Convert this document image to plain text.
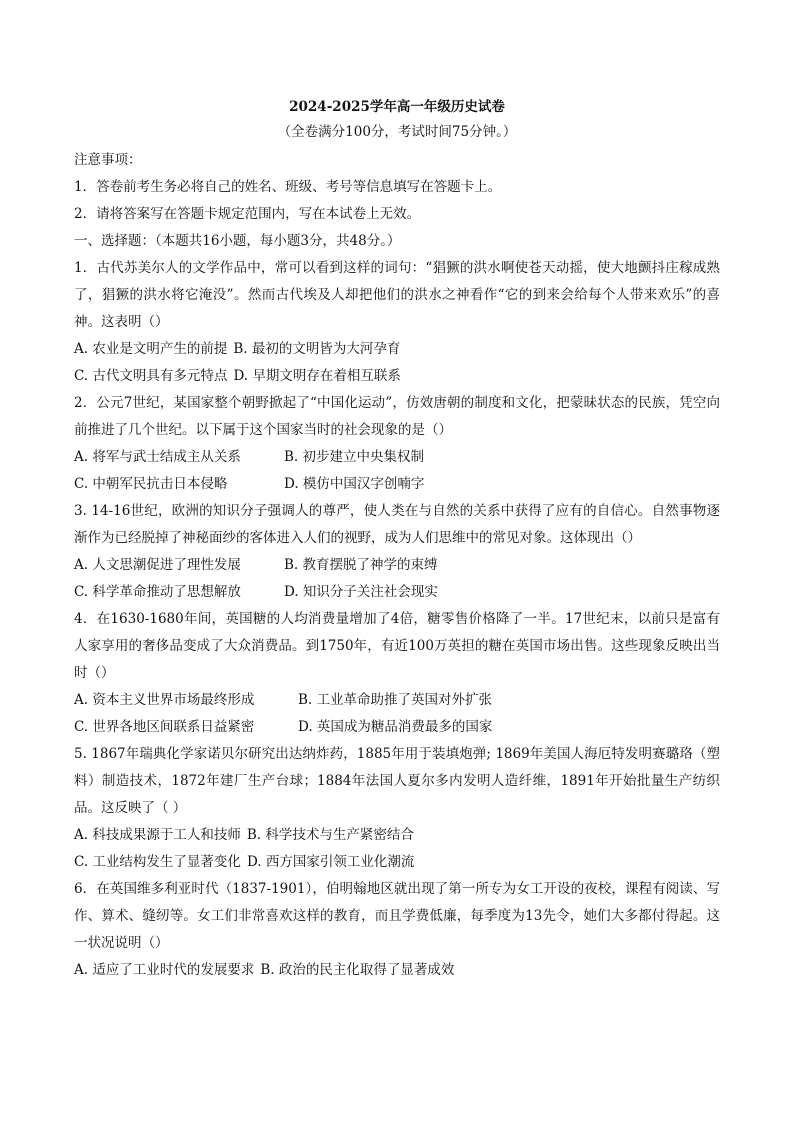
2024-2025学年高一年级历史试卷

（全卷满分100分，考试时间75分钟。）

注意事项：

1．答卷前考生务必将自己的姓名、班级、考号等信息填写在答题卡上。

2．请将答案写在答题卡规定范围内，写在本试卷上无效。

一、选择题：（本题共16小题，每小题3分，共48分。）

1．古代苏美尔人的文学作品中，常可以看到这样的词句：“猖獗的洪水啊使苍天动摇，使大地颤抖庄稼成熟了，猖獗的洪水将它淹没”。然而古代埃及人却把他们的洪水之神看作“它的到来会给每个人带来欢乐”的喜神。这表明（）

A. 农业是文明产生的前提 B. 最初的文明皆为大河孕育
C. 古代文明具有多元特点 D. 早期文明存在着相互联系

2．公元7世纪，某国家整个朝野掀起了“中国化运动”，仿效唐朝的制度和文化，把蒙昧状态的民族，凭空向前推进了几个世纪。以下属于这个国家当时的社会现象的是（）

A. 将军与武士结成主从关系	B. 初步建立中央集权制
C. 中朝军民抗击日本侵略	D. 模仿中国汉字创喃字

3. 14-16世纪，欧洲的知识分子强调人的尊严，使人类在与自然的关系中获得了应有的自信心。自然事物逐渐作为已经脱掉了神秘面纱的客体进入人们的视野，成为人们思维中的常见对象。这体现出（）

A. 人文思潮促进了理性发展	B. 教育摆脱了神学的束缚
C. 科学革命推动了思想解放	D. 知识分子关注社会现实

4．在1630-1680年间，英国糖的人均消费量增加了4倍，糖零售价格降了一半。17世纪末，以前只是富有人家享用的奢侈品变成了大众消费品。到1750年，有近100万英担的糖在英国市场出售。这些现象反映出当时（）

A. 资本主义世界市场最终形成	B. 工业革命助推了英国对外扩张
C. 世界各地区间联系日益紧密	D. 英国成为糖品消费最多的国家

5. 1867年瑞典化学家诺贝尔研究出达纳炸药，1885年用于装填炮弹; 1869年美国人海厄特发明赛璐珞（塑料）制造技术，1872年建厂生产台球；1884年法国人夏尔多内发明人造纤维，1891年开始批量生产纺织品。这反映了（ ）

A. 科技成果源于工人和技师 B. 科学技术与生产紧密结合
C. 工业结构发生了显著变化 D. 西方国家引领工业化潮流

6．在英国维多利亚时代（1837-1901），伯明翰地区就出现了第一所专为女工开设的夜校，课程有阅读、写作、算术、缝纫等。女工们非常喜欢这样的教育，而且学费低廉，每季度为13先令，她们大多都付得起。这一状况说明（）

A. 适应了工业时代的发展要求 B. 政治的民主化取得了显著成效
